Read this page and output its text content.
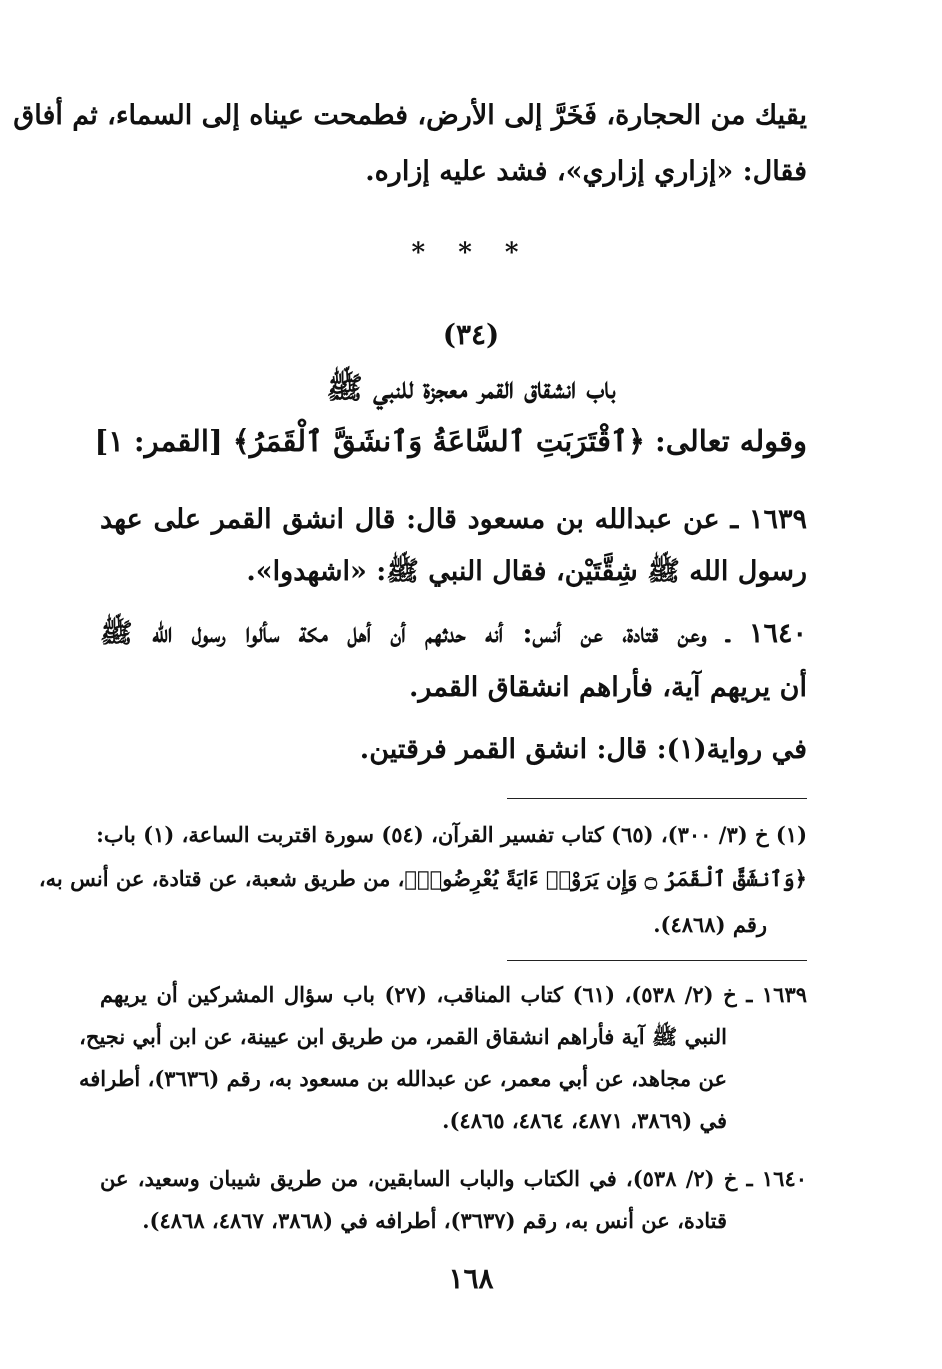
يقيك من الحجارة، فَخَرَّ إلى الأرض، فطمحت عيناه إلى السماء، ثم أفاق
فقال: «إزاري إزاري»، فشد عليه إزاره.
* * *
(٣٤)
باب انشقاق القمر معجزة للنبي ﷺ
وقوله تعالى: ﴿ٱقْتَرَبَتِ ٱلسَّاعَةُ وَٱنشَقَّ ٱلْقَمَرُ﴾ [القمر: ١]
١٦٣٩ ـ عن عبدالله بن مسعود قال: قال انشق القمر على عهد
رسول الله ﷺ شِقَّتَيْن، فقال النبي ﷺ: «اشهدوا».
١٦٤٠ ـ وعن قتادة، عن أنس: أنه حدثهم أن أهل مكة سألوا رسول الله ﷺ
أن يريهم آية، فأراهم انشقاق القمر.
في رواية(١): قال: انشق القمر فرقتين.
(١) خ (٣/ ٣٠٠)، (٦٥) كتاب تفسير القرآن، (٥٤) سورة اقتربت الساعة، (١) باب:
﴿وَٱنشَقَّ ٱلْقَمَرُ ۝ وَإِن يَرَوْا۟ ءَايَةً يُعْرِضُوا۟﴾، من طريق شعبة، عن قتادة، عن أنس به،
رقم (٤٨٦٨).
١٦٣٩ ـ خ (٢/ ٥٣٨)، (٦١) كتاب المناقب، (٢٧) باب سؤال المشركين أن يريهم
النبي ﷺ آية فأراهم انشقاق القمر، من طريق ابن عيينة، عن ابن أبي نجيح،
عن مجاهد، عن أبي معمر، عن عبدالله بن مسعود به، رقم (٣٦٣٦)، أطرافه
في (٣٨٦٩، ٤٨٧١، ٤٨٦٤، ٤٨٦٥).
١٦٤٠ ـ خ (٢/ ٥٣٨)، في الكتاب والباب السابقين، من طريق شيبان وسعيد، عن
قتادة، عن أنس به، رقم (٣٦٣٧)، أطرافه في (٣٨٦٨، ٤٨٦٧، ٤٨٦٨).
١٦٨
